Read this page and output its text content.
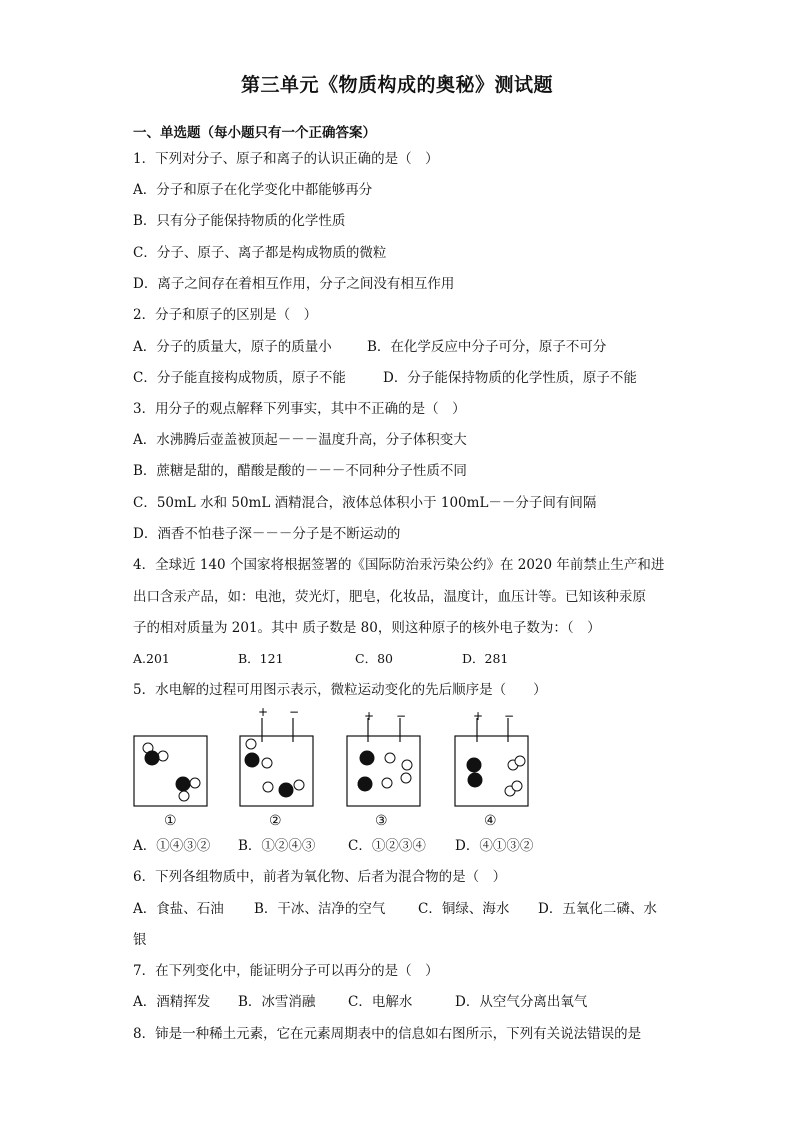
第三单元《物质构成的奥秘》测试题
一、单选题（每小题只有一个正确答案）
1．下列对分子、原子和离子的认识正确的是（　）
A．分子和原子在化学变化中都能够再分
B．只有分子能保持物质的化学性质
C．分子、原子、离子都是构成物质的微粒
D．离子之间存在着相互作用，分子之间没有相互作用
2．分子和原子的区别是（　）
A．分子的质量大，原子的质量小	B．在化学反应中分子可分，原子不可分
C．分子能直接构成物质，原子不能	D．分子能保持物质的化学性质，原子不能
3．用分子的观点解释下列事实，其中不正确的是（　）
A．水沸腾后壶盖被顶起－－－温度升高，分子体积变大
B．蔗糖是甜的，醋酸是酸的－－－不同种分子性质不同
C．50mL 水和 50mL 酒精混合，液体总体积小于 100mL－－分子间有间隔
D．酒香不怕巷子深－－－分子是不断运动的
4．全球近 140 个国家将根据签署的《国际防治汞污染公约》在 2020 年前禁止生产和进
出口含汞产品，如：电池，荧光灯，肥皂，化妆品，温度计，血压计等。已知该种汞原
子的相对质量为 201。其中 质子数是 80，则这种原子的核外电子数为：（　）
A.201	B．121	C．80	D．281
5．水电解的过程可用图示表示，微粒运动变化的先后顺序是（　　）
+ −	+ −	+ −
①	②	③	④
A．①④③② B．①②④③ C．①②③④ D．④①③②
6．下列各组物质中，前者为氧化物、后者为混合物的是（　）
A．食盐、石油 B．干冰、洁净的空气 C．铜绿、海水 D．五氧化二磷、水
银
7．在下列变化中，能证明分子可以再分的是（　）
A．酒精挥发 B．冰雪消融 C．电解水	D．从空气分离出氧气
8．铈是一种稀土元素，它在元素周期表中的信息如右图所示，下列有关说法错误的是
